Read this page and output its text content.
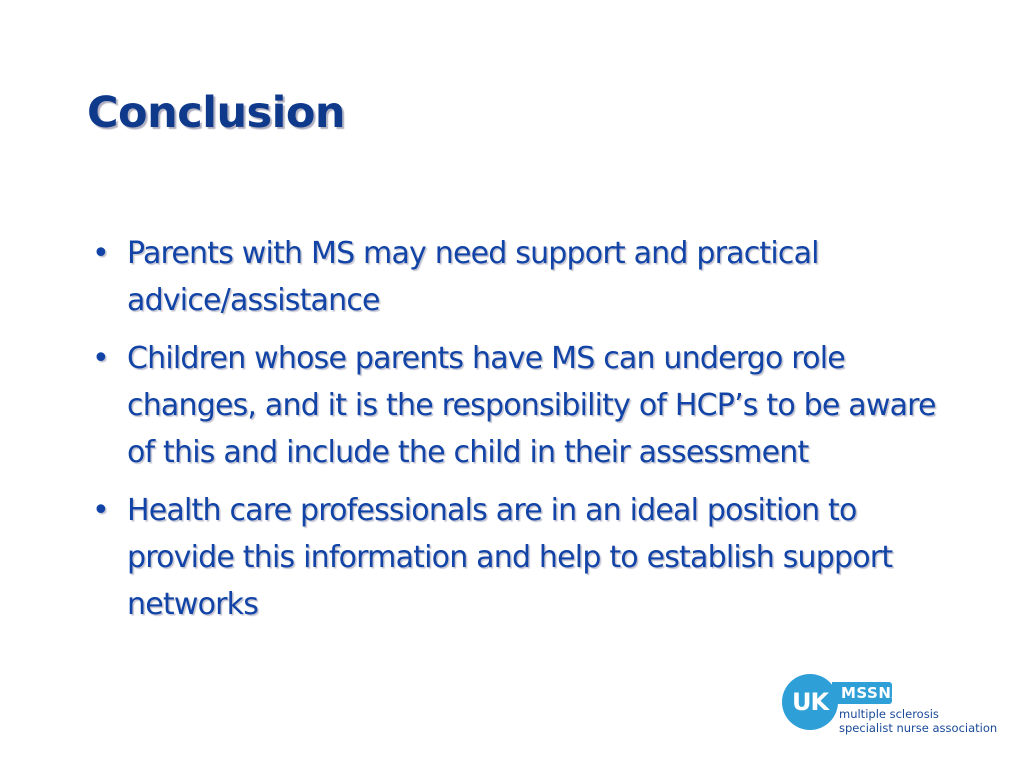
Conclusion
• Parents with MS may need support and practical advice/assistance
• Children whose parents have MS can undergo role changes, and it is the responsibility of HCP’s to be aware of this and include the child in their assessment
• Health care professionals are in an ideal position to provide this information and help to establish support networks
UK MSSNA
multiple sclerosis
specialist nurse association
